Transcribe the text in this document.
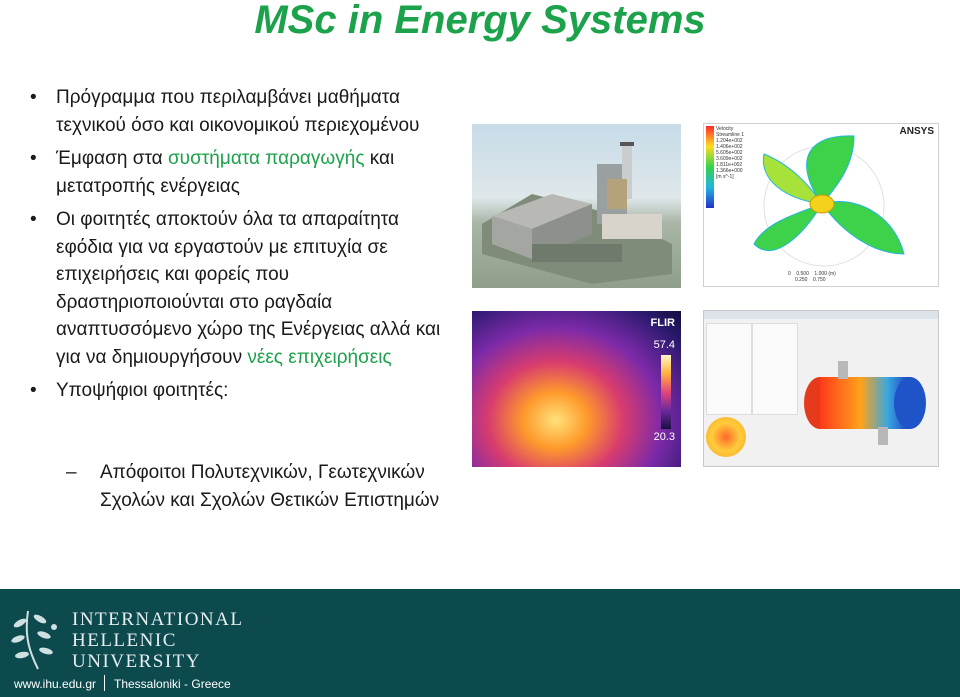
MSc in Energy Systems
• Πρόγραμμα που περιλαμβάνει μαθήματα τεχνικού όσο και οικονομικού περιεχομένου
• Έμφαση στα συστήματα παραγωγής και μετατροπής ενέργειας
• Οι φοιτητές αποκτούν όλα τα απαραίτητα εφόδια για να εργαστούν με επιτυχία σε επιχειρήσεις και φορείς που δραστηριοποιούνται στο ραγδαία αναπτυσσόμενο χώρο της Ενέργειας αλλά και για να δημιουργήσουν νέες επιχειρήσεις
• Υποψήφιοι φοιτητές:

– Απόφοιτοι Πολυτεχνικών, Γεωτεχνικών Σχολών και Σχολών Θετικών Επιστημών

FLIR
57.4
20.3
ANSYS
Velocity
Streamline 1
1.204e+002
1.406e+002
5.605e+002
3.609e+002
1.811e+002
1.366e+000
[m s^-1]
0 0.500 1.000 (m)
0.250 0.750
INTERNATIONAL
HELLENIC
UNIVERSITY
www.ihu.edu.gr Thessaloniki - Greece
